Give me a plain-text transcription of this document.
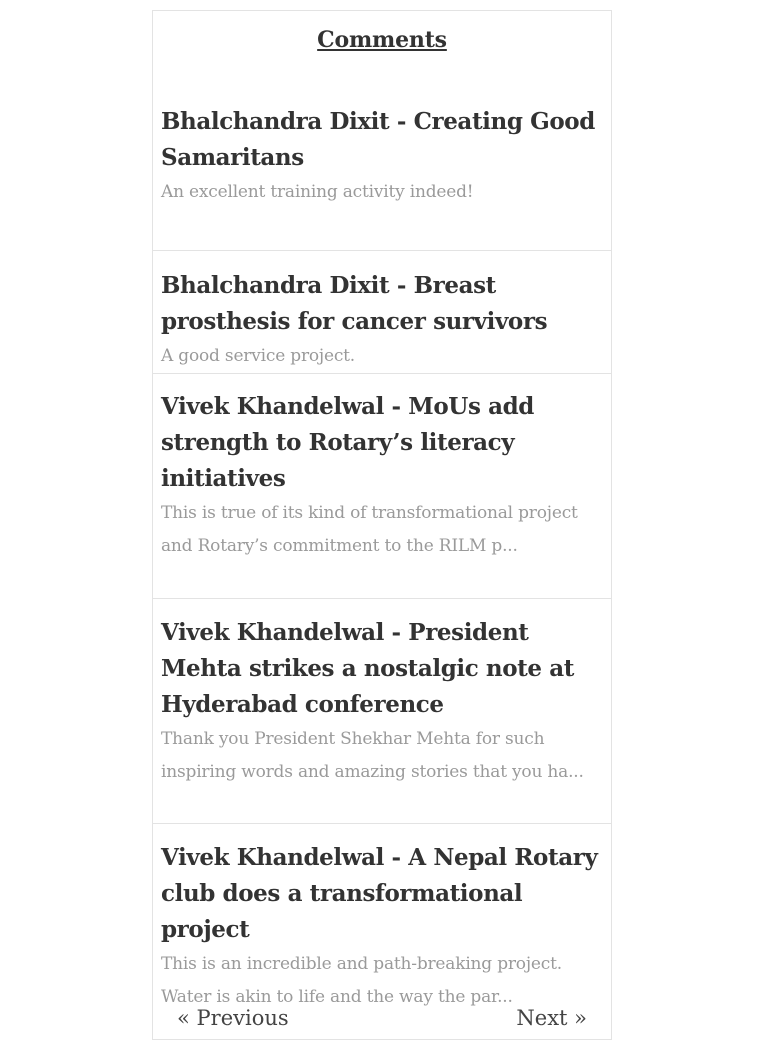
Comments
Bhalchandra Dixit - Creating Good Samaritans
An excellent training activity indeed!
Bhalchandra Dixit - Breast prosthesis for cancer survivors
A good service project.
Vivek Khandelwal - MoUs add strength to Rotary’s literacy initiatives
This is true of its kind of transformational project and Rotary’s commitment to the RILM p...
Vivek Khandelwal - President Mehta strikes a nostalgic note at Hyderabad conference
Thank you President Shekhar Mehta for such inspiring words and amazing stories that you ha...
Vivek Khandelwal - A Nepal Rotary club does a transformational project
This is an incredible and path-breaking project. Water is akin to life and the way the par...
« Previous	Next »
